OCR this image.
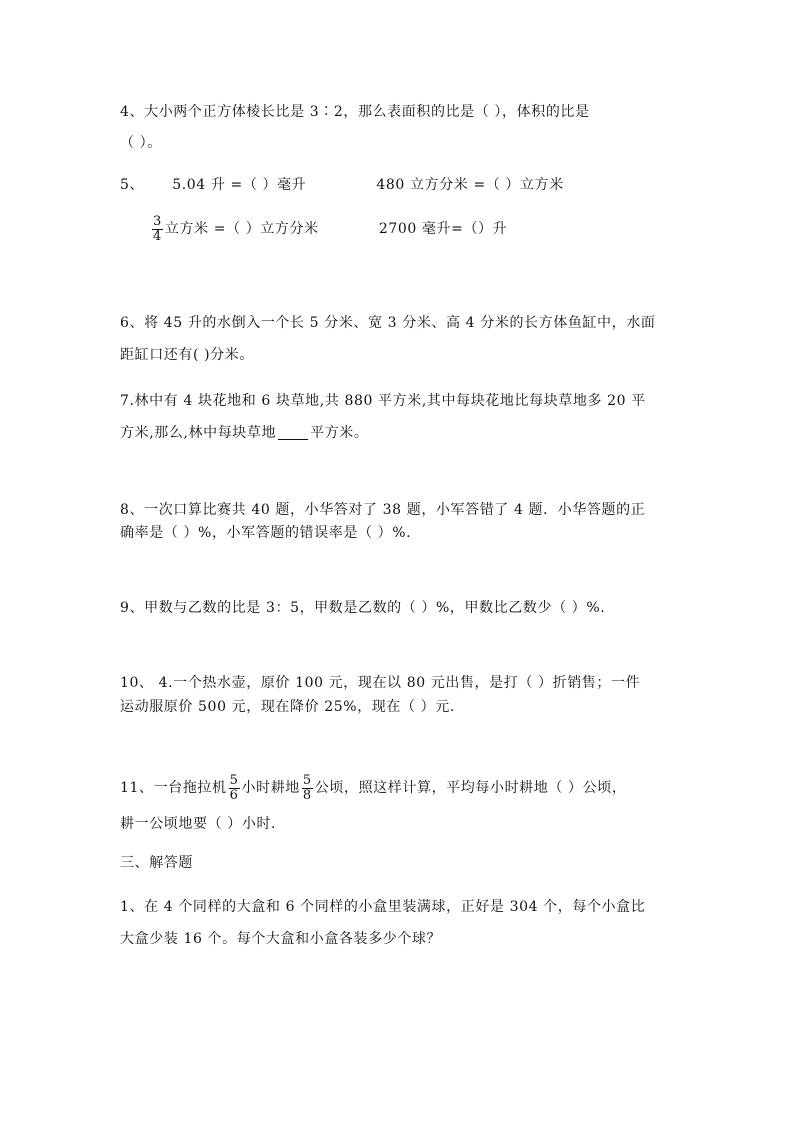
4、大小两个正方体棱长比是 3∶2，那么表面积的比是（ ），体积的比是
（ ）。
5、 5.04 升 =（ ）毫升	480 立方分米 =（ ）立方米
$\frac{3}{4}$ 立方米 =（ ）立方分米	2700 毫升=（）升
6、将 45 升的水倒入一个长 5 分米、宽 3 分米、高 4 分米的长方体鱼缸中，水面
距缸口还有( )分米。
7.林中有 4 块花地和 6 块草地,共 880 平方米,其中每块花地比每块草地多 20 平
方米,那么,林中每块草地 平方米。
8、一次口算比赛共 40 题，小华答对了 38 题，小军答错了 4 题．小华答题的正
确率是（ ）%，小军答题的错误率是（ ）%.
9、甲数与乙数的比是 3：5，甲数是乙数的（ ）%，甲数比乙数少（ ）%.
10、 4.一个热水壶，原价 100 元，现在以 80 元出售，是打（ ）折销售；一件
运动服原价 500 元，现在降价 25%，现在（ ）元.
11、一台拖拉机 $\frac{5}{6}$ 小时耕地 $\frac{5}{8}$ 公顷，照这样计算，平均每小时耕地（ ）公顷，
耕一公顷地要（ ）小时.
三、解答题
1、在 4 个同样的大盒和 6 个同样的小盒里装满球，正好是 304 个，每个小盒比
大盒少装 16 个。每个大盒和小盒各装多少个球？
